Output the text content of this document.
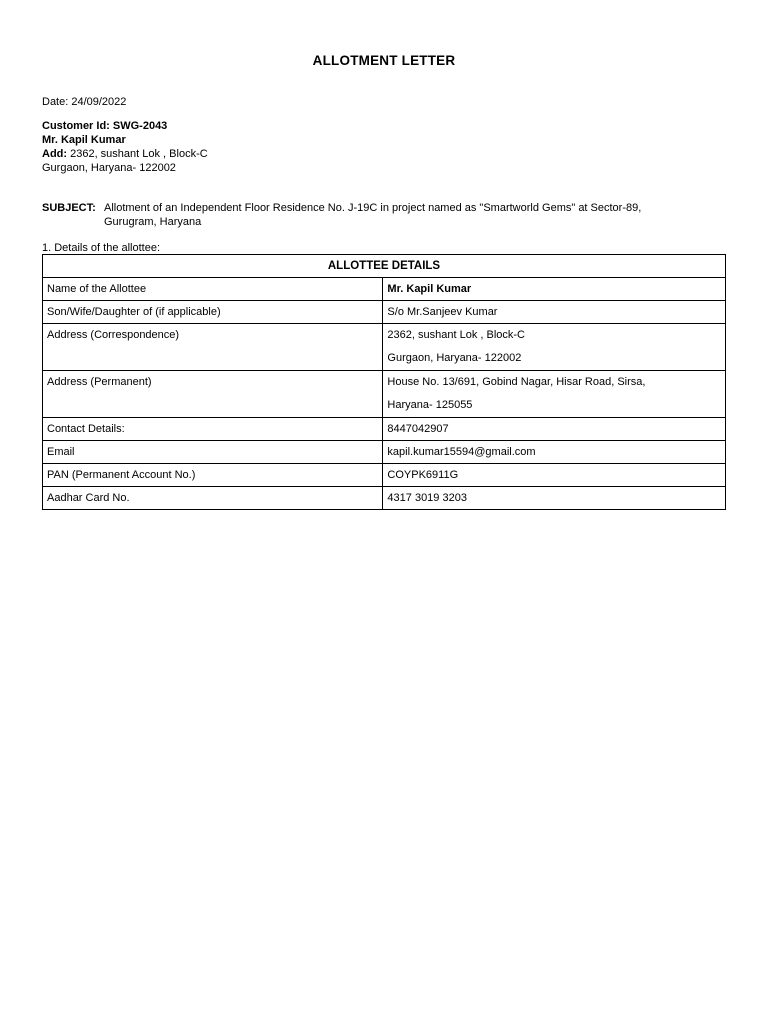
ALLOTMENT LETTER
Date: 24/09/2022
Customer Id: SWG-2043
Mr. Kapil Kumar
Add: 2362, sushant Lok , Block-C
Gurgaon, Haryana- 122002
SUBJECT: Allotment of an Independent Floor Residence No. J-19C in project named as "Smartworld Gems" at Sector-89,
Gurugram, Haryana
1. Details of the allottee:
ALLOTTEE DETAILS	
Name of the Allottee	Mr. Kapil Kumar
Son/Wife/Daughter of (if applicable)	S/o Mr.Sanjeev Kumar
Address (Correspondence)	2362, sushant Lok , Block-C
Gurgaon, Haryana- 122002

Address (Permanent)	House No. 13/691, Gobind Nagar, Hisar Road, Sirsa,
Haryana- 125055

Contact Details:	8447042907
Email	kapil.kumar15594@gmail.com
PAN (Permanent Account No.)	COYPK6911G
Aadhar Card No.	4317 3019 3203
